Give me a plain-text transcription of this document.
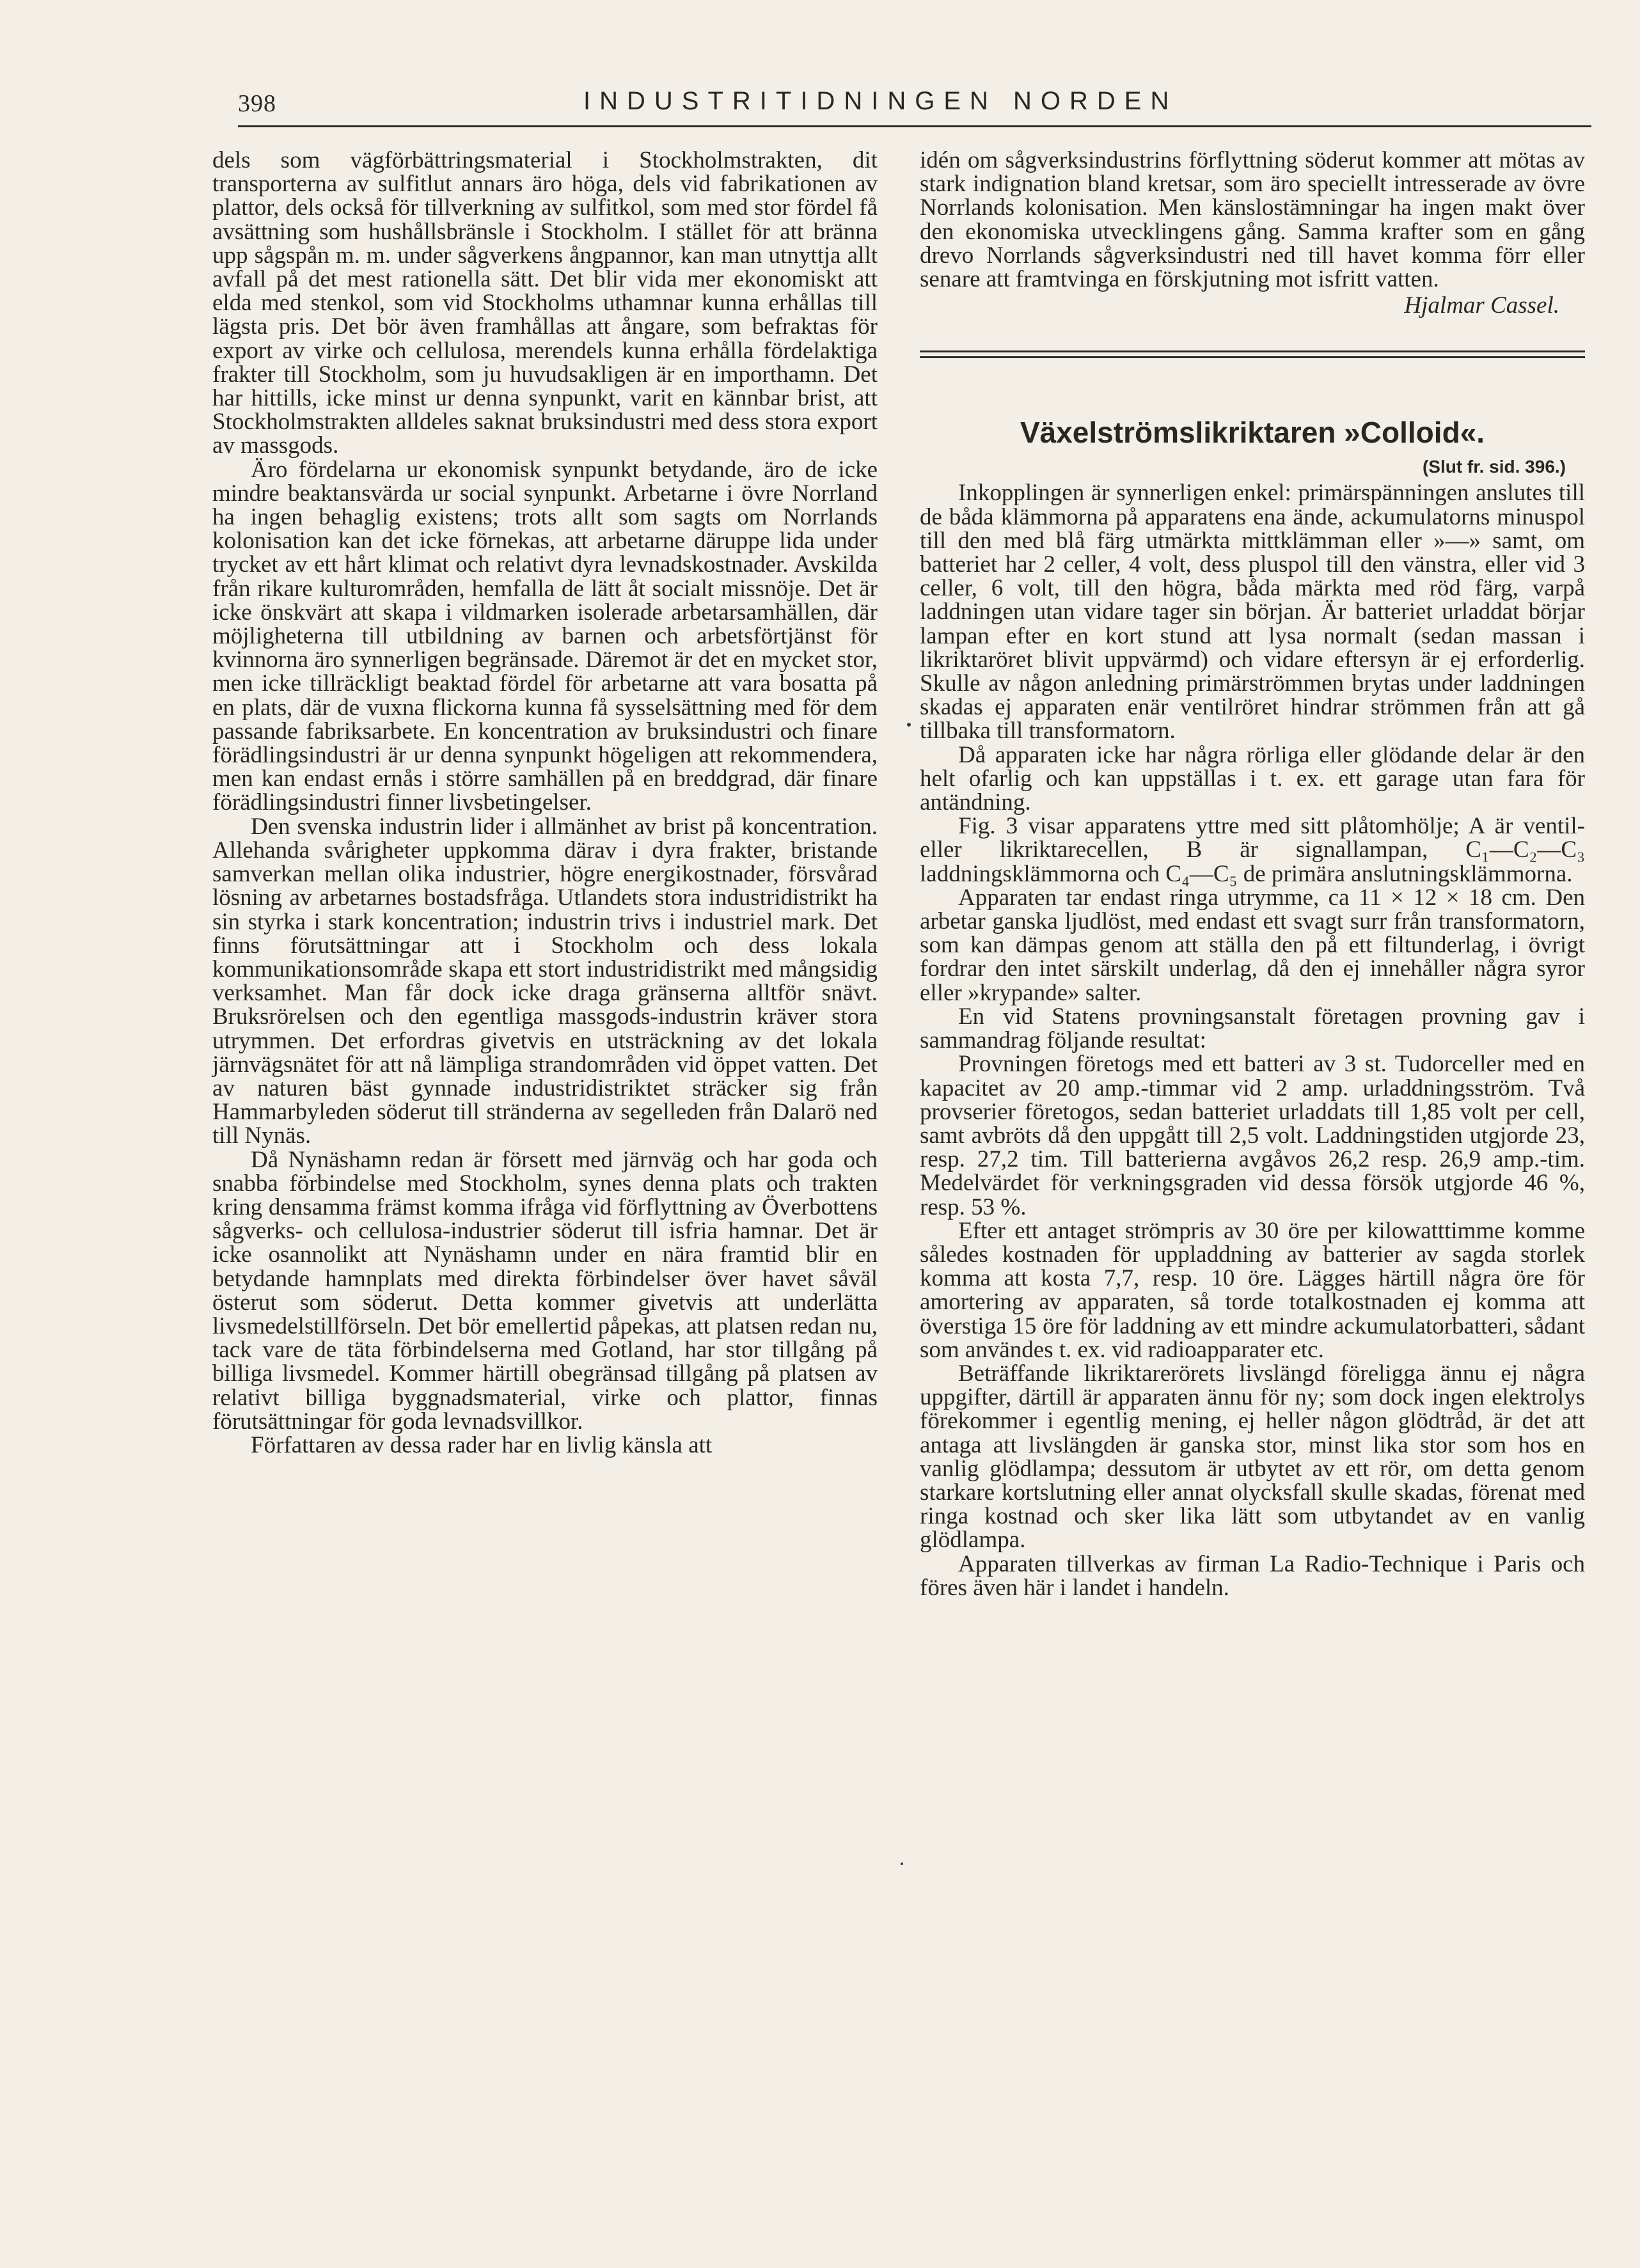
398	INDUSTRITIDNINGEN NORDEN

dels som vägförbättringsmaterial i Stockholmstrakten, dit transporterna av sulfitlut annars äro höga, dels vid fabrikationen av plattor, dels också för tillverkning av sulfitkol, som med stor fördel få avsättning som hushållsbränsle i Stockholm. I stället för att bränna upp sågspån m. m. under sågverkens ångpannor, kan man utnyttja allt avfall på det mest rationella sätt. Det blir vida mer ekonomiskt att elda med stenkol, som vid Stockholms uthamnar kunna erhållas till lägsta pris. Det bör även framhållas att ångare, som befraktas för export av virke och cellulosa, merendels kunna erhålla fördelaktiga frakter till Stockholm, som ju huvudsakligen är en importhamn. Det har hittills, icke minst ur denna synpunkt, varit en kännbar brist, att Stockholmstrakten alldeles saknat bruksindustri med dess stora export av massgods.

Äro fördelarna ur ekonomisk synpunkt betydande, äro de icke mindre beaktansvärda ur social synpunkt. Arbetarne i övre Norrland ha ingen behaglig existens; trots allt som sagts om Norrlands kolonisation kan det icke förnekas, att arbetarne däruppe lida under trycket av ett hårt klimat och relativt dyra levnadskostnader. Avskilda från rikare kulturområden, hemfalla de lätt åt socialt missnöje. Det är icke önskvärt att skapa i vildmarken isolerade arbetarsamhällen, där möjligheterna till utbildning av barnen och arbetsförtjänst för kvinnorna äro synnerligen begränsade. Däremot är det en mycket stor, men icke tillräckligt beaktad fördel för arbetarne att vara bosatta på en plats, där de vuxna flickorna kunna få sysselsättning med för dem passande fabriksarbete. En koncentration av bruksindustri och finare förädlingsindustri är ur denna synpunkt högeligen att rekommendera, men kan endast ernås i större samhällen på en breddgrad, där finare förädlingsindustri finner livsbetingelser.

Den svenska industrin lider i allmänhet av brist på koncentration. Allehanda svårigheter uppkomma därav i dyra frakter, bristande samverkan mellan olika industrier, högre energikostnader, försvårad lösning av arbetarnes bostadsfråga. Utlandets stora industridistrikt ha sin styrka i stark koncentration; industrin trivs i industriel mark. Det finns förutsättningar att i Stockholm och dess lokala kommunikationsområde skapa ett stort industridistrikt med mångsidig verksamhet. Man får dock icke draga gränserna alltför snävt. Bruksrörelsen och den egentliga massgods-industrin kräver stora utrymmen. Det erfordras givetvis en utsträckning av det lokala järnvägsnätet för att nå lämpliga strandområden vid öppet vatten. Det av naturen bäst gynnade industridistriktet sträcker sig från Hammarbyleden söderut till stränderna av segelleden från Dalarö ned till Nynäs.

Då Nynäshamn redan är försett med järnväg och har goda och snabba förbindelse med Stockholm, synes denna plats och trakten kring densamma främst komma ifråga vid förflyttning av Överbottens sågverks- och cellulosa-industrier söderut till isfria hamnar. Det är icke osannolikt att Nynäshamn under en nära framtid blir en betydande hamnplats med direkta förbindelser över havet såväl österut som söderut. Detta kommer givetvis att underlätta livsmedelstillförseln. Det bör emellertid påpekas, att platsen redan nu, tack vare de täta förbindelserna med Gotland, har stor tillgång på billiga livsmedel. Kommer härtill obegränsad tillgång på platsen av relativt billiga byggnadsmaterial, virke och plattor, finnas förutsättningar för goda levnadsvillkor.

Författaren av dessa rader har en livlig känsla att

idén om sågverksindustrins förflyttning söderut kommer att mötas av stark indignation bland kretsar, som äro speciellt intresserade av övre Norrlands kolonisation. Men känslostämningar ha ingen makt över den ekonomiska utvecklingens gång. Samma krafter som en gång drevo Norrlands sågverksindustri ned till havet komma förr eller senare att framtvinga en förskjutning mot isfritt vatten.

Hjalmar Cassel.
Växelströmslikriktaren »Colloid«.
(Slut fr. sid. 396.)

Inkopplingen är synnerligen enkel: primärspänningen anslutes till de båda klämmorna på apparatens ena ände, ackumulatorns minuspol till den med blå färg utmärkta mittklämman eller »—» samt, om batteriet har 2 celler, 4 volt, dess pluspol till den vänstra, eller vid 3 celler, 6 volt, till den högra, båda märkta med röd färg, varpå laddningen utan vidare tager sin början. Är batteriet urladdat börjar lampan efter en kort stund att lysa normalt (sedan massan i likriktaröret blivit uppvärmd) och vidare eftersyn är ej erforderlig. Skulle av någon anledning primärströmmen brytas under laddningen skadas ej apparaten enär ventilröret hindrar strömmen från att gå tillbaka till transformatorn.

Då apparaten icke har några rörliga eller glödande delar är den helt ofarlig och kan uppställas i t. ex. ett garage utan fara för antändning.

Fig. 3 visar apparatens yttre med sitt plåtomhölje; A är ventil- eller likriktarecellen, B är signallampan, C₁—C₂—C₃ laddningsklämmorna och C₄—C₅ de primära anslutningsklämmorna.

Apparaten tar endast ringa utrymme, ca 11 × 12 × 18 cm. Den arbetar ganska ljudlöst, med endast ett svagt surr från transformatorn, som kan dämpas genom att ställa den på ett filtunderlag, i övrigt fordrar den intet särskilt underlag, då den ej innehåller några syror eller »krypande» salter.

En vid Statens provningsanstalt företagen provning gav i sammandrag följande resultat:

Provningen företogs med ett batteri av 3 st. Tudorceller med en kapacitet av 20 amp.-timmar vid 2 amp. urladdningsström. Två provserier företogos, sedan batteriet urladdats till 1,85 volt per cell, samt avbröts då den uppgått till 2,5 volt. Laddningstiden utgjorde 23, resp. 27,2 tim. Till batterierna avgåvos 26,2 resp. 26,9 amp.-tim. Medelvärdet för verkningsgraden vid dessa försök utgjorde 46 %, resp. 53 %.

Efter ett antaget strömpris av 30 öre per kilowatttimme komme således kostnaden för uppladdning av batterier av sagda storlek komma att kosta 7,7, resp. 10 öre. Lägges härtill några öre för amortering av apparaten, så torde totalkostnaden ej komma att överstiga 15 öre för laddning av ett mindre ackumulatorbatteri, sådant som användes t. ex. vid radioapparater etc.

Beträffande likriktarerörets livslängd föreligga ännu ej några uppgifter, därtill är apparaten ännu för ny; som dock ingen elektrolys förekommer i egentlig mening, ej heller någon glödtråd, är det att antaga att livslängden är ganska stor, minst lika stor som hos en vanlig glödlampa; dessutom är utbytet av ett rör, om detta genom starkare kortslutning eller annat olycksfall skulle skadas, förenat med ringa kostnad och sker lika lätt som utbytandet av en vanlig glödlampa.

Apparaten tillverkas av firman La Radio-Technique i Paris och föres även här i landet i handeln.
